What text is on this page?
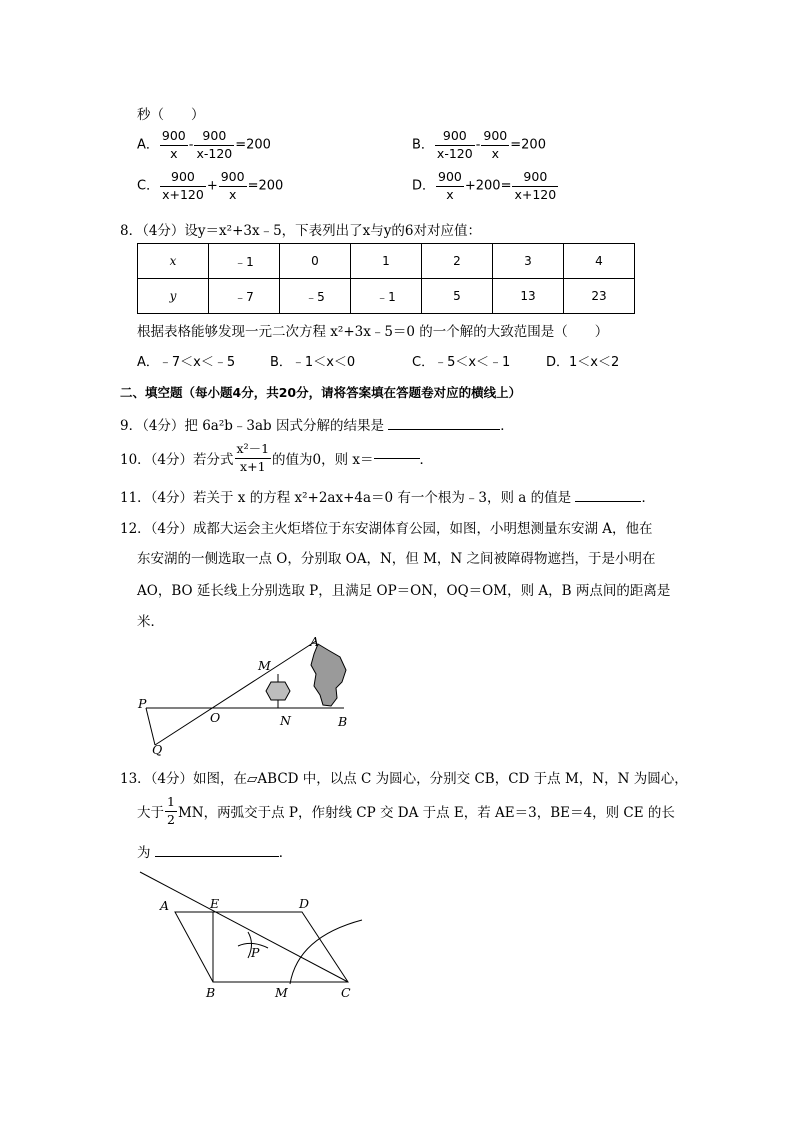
秒（　　）
A． $\frac{900}{x} - \frac{900}{x-120} =200$	B． $\frac{900}{x-120} - \frac{900}{x} =200$
C． $\frac{900}{x+120} + \frac{900}{x} =200$	D． $\frac{900}{x} +200= \frac{900}{x+120}$
8．（4分）设y＝x²+3x﹣5，下表列出了x与y的6对对应值：
x	﹣1	0	1	2	3	4
y	﹣7	﹣5	﹣1	5	13	23
根据表格能够发现一元二次方程 x²+3x﹣5＝0 的一个解的大致范围是（　　）
A．﹣7＜x＜﹣5	B．﹣1＜x＜0	C．﹣5＜x＜﹣1	D．1＜x＜2
二、填空题（每小题4分，共20分，请将答案填在答题卷对应的横线上）
9．（4分）把 6a²b﹣3ab 因式分解的结果是	．
10．（4分）若分式 $\frac{\text{x²－1}}{x+1}$ 的值为0，则 x＝	．
11．（4分）若关于 x 的方程 x²+2ax+4a＝0 有一个根为﹣3，则 a 的值是	．
12．（4分）成都大运会主火炬塔位于东安湖体育公园，如图，小明想测量东安湖 A，他在
东安湖的一侧选取一点 O，分别取 OA，N，但 M，N 之间被障碍物遮挡，于是小明在
AO，BO 延长线上分别选取 P，且满足 OP＝ON，OQ＝OM，则 A，B 两点间的距离是
米．
A
M
P
O	N	B
Q
13．（4分）如图，在▱ABCD 中，以点 C 为圆心，分别交 CB，CD 于点 M，N，N 为圆心，
大于 $\frac{1}{2}$ MN，两弧交于点 P，作射线 CP 交 DA 于点 E，若 AE＝3，BE＝4，则 CE 的长
为	．
A	E	D
P
B	M	C
